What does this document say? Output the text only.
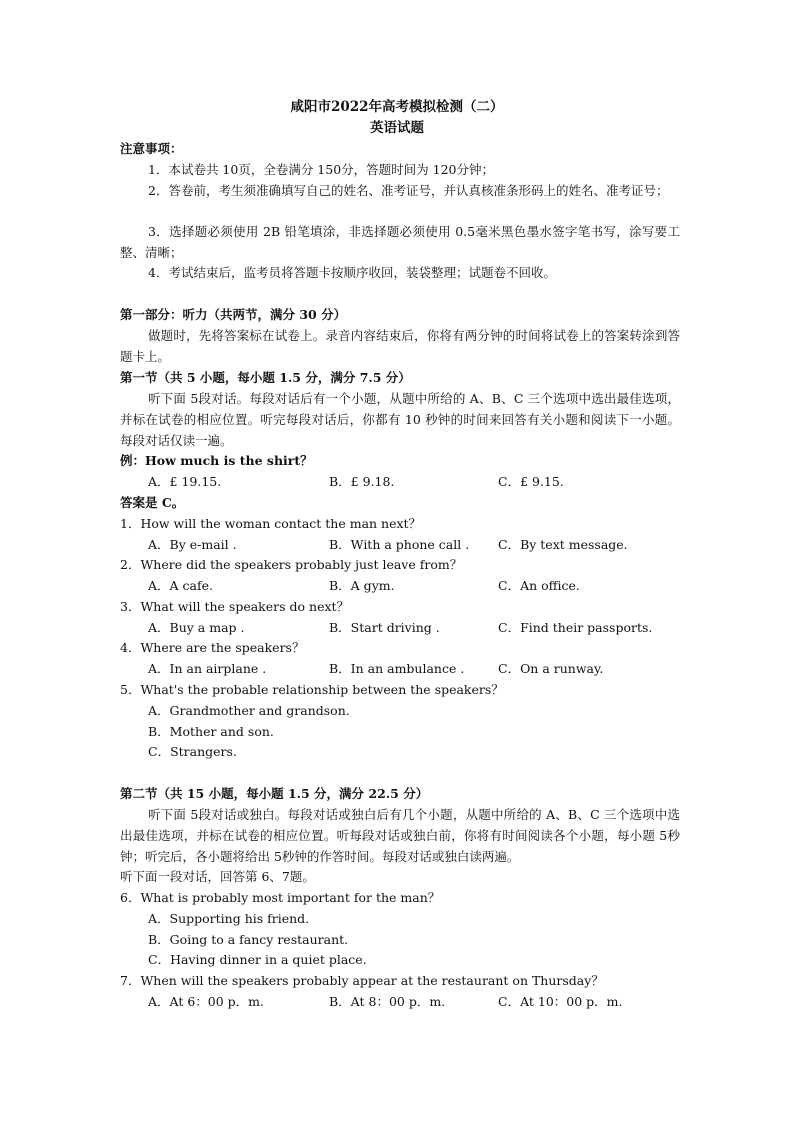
咸阳市2022年高考模拟检测（二）
英语试题
注意事项：
1．本试卷共 10页，全卷满分 150分，答题时间为 120分钟；
2．答卷前，考生须准确填写自己的姓名、准考证号，并认真核准条形码上的姓名、准考证号；
3．选择题必须使用 2B 铅笔填涂，非选择题必须使用 0.5毫米黑色墨水签字笔书写，涂写要工整、清晰；
4．考试结束后，监考员将答题卡按顺序收回，装袋整理；试题卷不回收。
第一部分：听力（共两节，满分 30 分）
做题时，先将答案标在试卷上。录音内容结束后，你将有两分钟的时间将试卷上的答案转涂到答题卡上。
第一节（共 5 小题，每小题 1.5 分，满分 7.5 分）
听下面 5段对话。每段对话后有一个小题，从题中所给的 A、B、C 三个选项中选出最佳选项，并标在试卷的相应位置。听完每段对话后，你都有 10 秒钟的时间来回答有关小题和阅读下一小题。每段对话仅读一遍。
例：How much is the shirt？
A．£ 19.15.	B．£ 9.18.	C．£ 9.15.
答案是 C。
1．How will the woman contact the man next？
A．By e-mail .	B．With a phone call . C．By text message.
2．Where did the speakers probably just leave from？
A．A cafe.	B．A gym.	C．An office.
3．What will the speakers do next？
A．Buy a map .	B．Start driving .	C．Find their passports.
4．Where are the speakers？
A．In an airplane .	B．In an ambulance .	C．On a runway.
5．What's the probable relationship between the speakers？
A．Grandmother and grandson.
B．Mother and son.
C．Strangers.
第二节（共 15 小题，每小题 1.5 分，满分 22.5 分）
听下面 5段对话或独白。每段对话或独白后有几个小题，从题中所给的 A、B、C 三个选项中选出最佳选项，并标在试卷的相应位置。听每段对话或独白前，你将有时间阅读各个小题，每小题 5秒钟；听完后，各小题将给出 5秒钟的作答时间。每段对话或独白读两遍。
听下面一段对话，回答第 6、7题。
6．What is probably most important for the man？
A．Supporting his friend.
B．Going to a fancy restaurant.
C．Having dinner in a quiet place.
7．When will the speakers probably appear at the restaurant on Thursday？
A．At 6：00 p．m.	B．At 8：00 p．m.	C．At 10：00 p．m.
